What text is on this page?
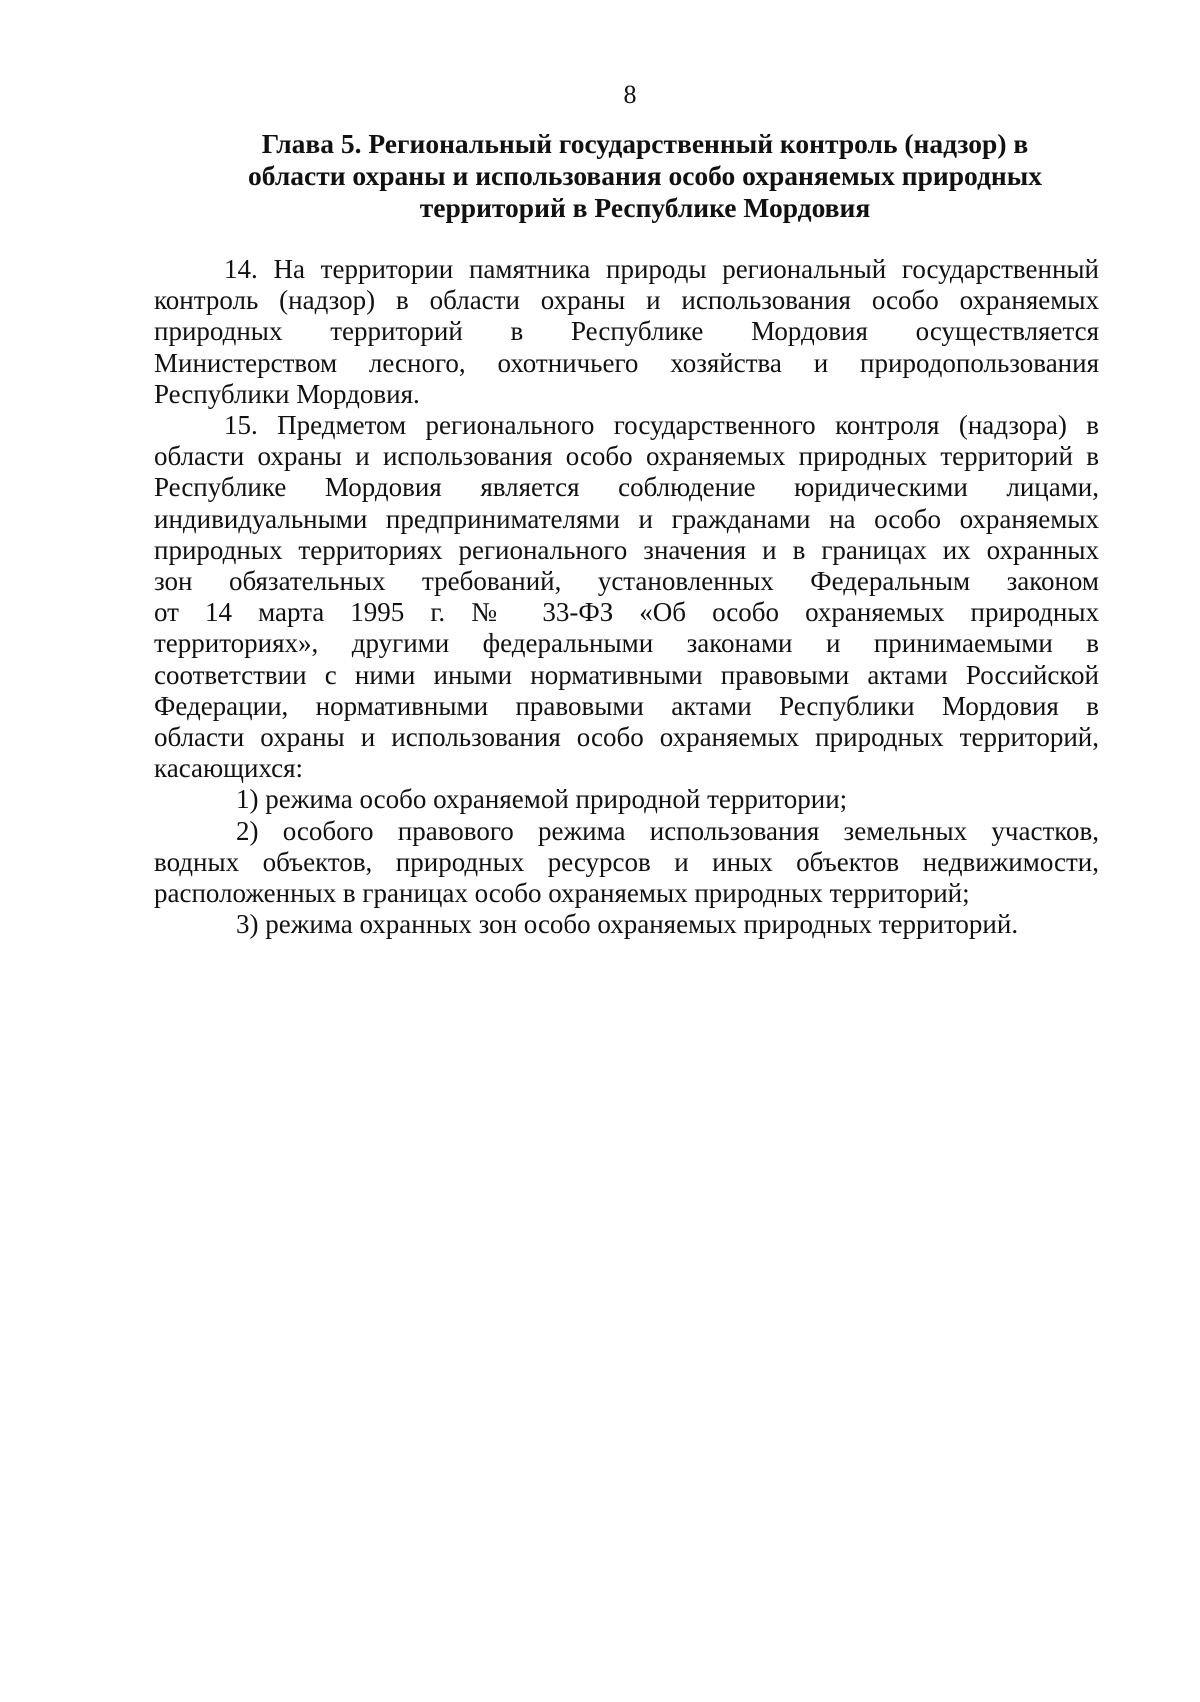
8
Глава 5. Региональный государственный контроль (надзор) в
области охраны и использования особо охраняемых природных
территорий в Республике Мордовия
14. На территории памятника природы региональный государственный
контроль (надзор) в области охраны и использования особо охраняемых
природных территорий в Республике Мордовия осуществляется
Министерством лесного, охотничьего хозяйства и природопользования
Республики Мордовия.
15. Предметом регионального государственного контроля (надзора) в
области охраны и использования особо охраняемых природных территорий в
Республике Мордовия является соблюдение юридическими лицами,
индивидуальными предпринимателями и гражданами на особо охраняемых
природных территориях регионального значения и в границах их охранных
зон обязательных требований, установленных Федеральным законом
от 14 марта 1995 г. № 33-ФЗ «Об особо охраняемых природных
территориях», другими федеральными законами и принимаемыми в
соответствии с ними иными нормативными правовыми актами Российской
Федерации, нормативными правовыми актами Республики Мордовия в
области охраны и использования особо охраняемых природных территорий,
касающихся:
1) режима особо охраняемой природной территории;
2) особого правового режима использования земельных участков,
водных объектов, природных ресурсов и иных объектов недвижимости,
расположенных в границах особо охраняемых природных территорий;
3) режима охранных зон особо охраняемых природных территорий.
